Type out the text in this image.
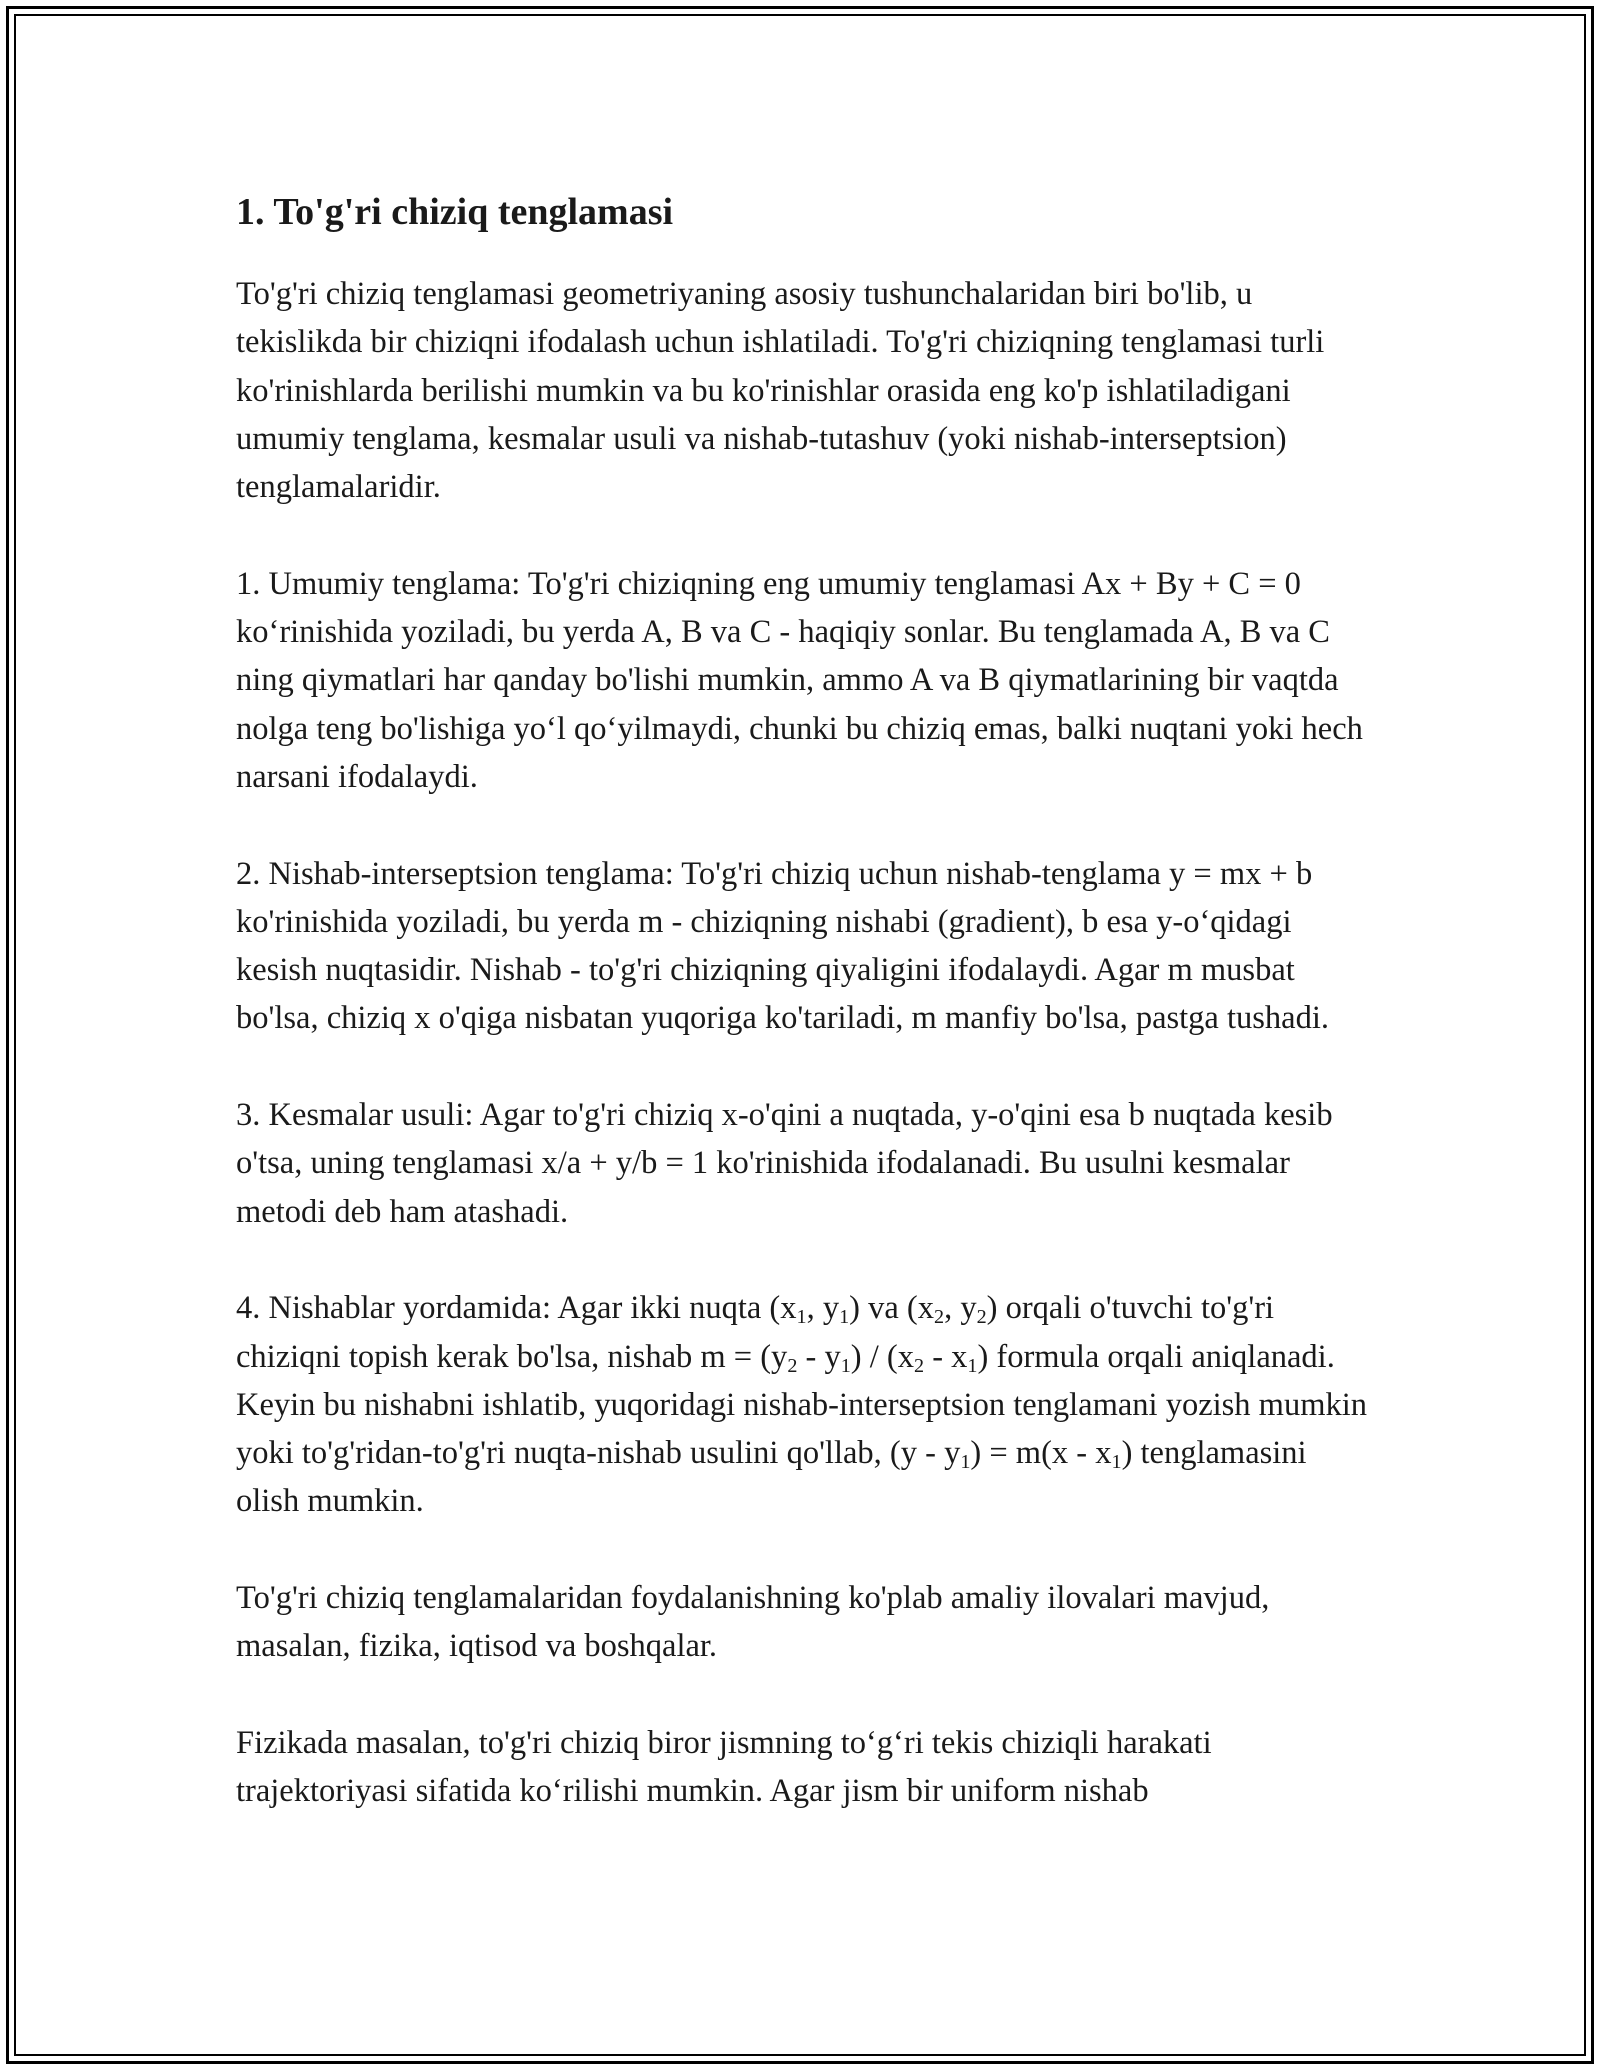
1. To'g'ri chiziq tenglamasi

To'g'ri chiziq tenglamasi geometriyaning asosiy tushunchalaridan biri bo'lib, u tekislikda bir chiziqni ifodalash uchun ishlatiladi. To'g'ri chiziqning tenglamasi turli ko'rinishlarda berilishi mumkin va bu ko'rinishlar orasida eng ko'p ishlatiladigani umumiy tenglama, kesmalar usuli va nishab-tutashuv (yoki nishab-interseptsion) tenglamalaridir.

1. Umumiy tenglama: To'g'ri chiziqning eng umumiy tenglamasi Ax + By + C = 0 ko‘rinishida yoziladi, bu yerda A, B va C - haqiqiy sonlar. Bu tenglamada A, B va C ning qiymatlari har qanday bo'lishi mumkin, ammo A va B qiymatlarining bir vaqtda nolga teng bo'lishiga yo‘l qo‘yilmaydi, chunki bu chiziq emas, balki nuqtani yoki hech narsani ifodalaydi.

2. Nishab-interseptsion tenglama: To'g'ri chiziq uchun nishab-tenglama y = mx + b ko'rinishida yoziladi, bu yerda m - chiziqning nishabi (gradient), b esa y-o‘qidagi kesish nuqtasidir. Nishab - to'g'ri chiziqning qiyaligini ifodalaydi. Agar m musbat bo'lsa, chiziq x o'qiga nisbatan yuqoriga ko'tariladi, m manfiy bo'lsa, pastga tushadi.

3. Kesmalar usuli: Agar to'g'ri chiziq x-o'qini a nuqtada, y-o'qini esa b nuqtada kesib o'tsa, uning tenglamasi x/a + y/b = 1 ko'rinishida ifodalanadi. Bu usulni kesmalar metodi deb ham atashadi.

4. Nishablar yordamida: Agar ikki nuqta ($x_1$, $y_1$) va ($x_2$, $y_2$) orqali o'tuvchi to'g'ri chiziqni topish kerak bo'lsa, nishab $m = (y_2 - y_1) / (x_2 - x_1)$ formula orqali aniqlanadi. Keyin bu nishabni ishlatib, yuqoridagi nishab-interseptsion tenglamani yozish mumkin yoki to'g'ridan-to'g'ri nuqta-nishab usulini qo'llab, $(y - y_1) = m(x - x_1)$ tenglamasini olish mumkin.

To'g'ri chiziq tenglamalaridan foydalanishning ko'plab amaliy ilovalari mavjud, masalan, fizika, iqtisod va boshqalar.

Fizikada masalan, to'g'ri chiziq biror jismning to‘g‘ri tekis chiziqli harakati trajektoriyasi sifatida ko‘rilishi mumkin. Agar jism bir uniform nishab
